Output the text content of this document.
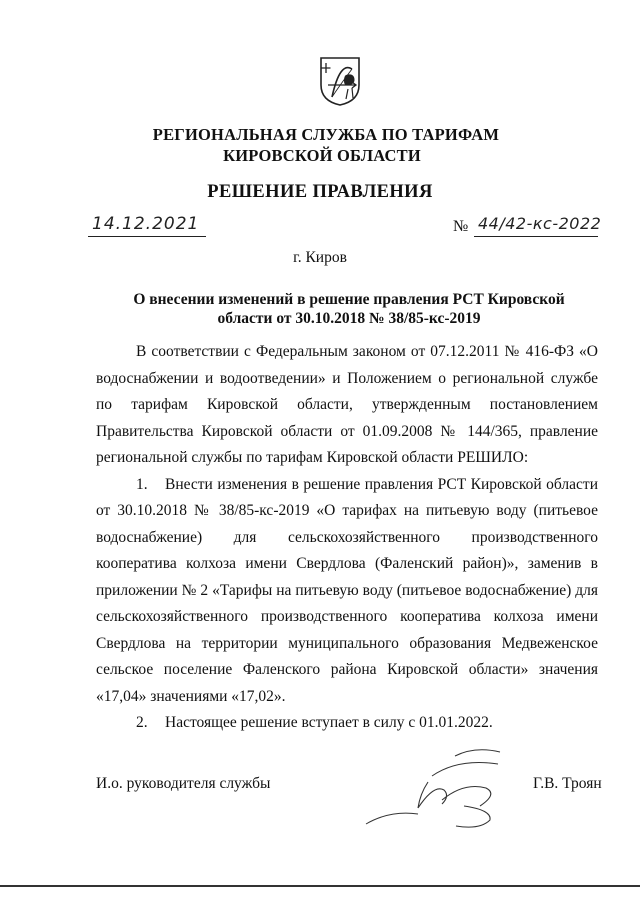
РЕГИОНАЛЬНАЯ СЛУЖБА ПО ТАРИФАМ
КИРОВСКОЙ ОБЛАСТИ
РЕШЕНИЕ ПРАВЛЕНИЯ
14.12.2021	№ 44/42-кс-2022
г. Киров
О внесении изменений в решение правления РСТ Кировской области от 30.10.2018 № 38/85-кс-2019

В соответствии с Федеральным законом от 07.12.2011 № 416-ФЗ «О водоснабжении и водоотведении» и Положением о региональной службе по тарифам Кировской области, утвержденным постановлением Правительства Кировской области от 01.09.2008 № 144/365, правление региональной службы по тарифам Кировской области РЕШИЛО:

1. Внести изменения в решение правления РСТ Кировской области от 30.10.2018 № 38/85-кс-2019 «О тарифах на питьевую воду (питьевое водоснабжение) для сельскохозяйственного производственного кооператива колхоза имени Свердлова (Фаленский район)», заменив в приложении № 2 «Тарифы на питьевую воду (питьевое водоснабжение) для сельскохозяйственного производственного кооператива колхоза имени Свердлова на территории муниципального образования Медвеженское сельское поселение Фаленского района Кировской области» значения «17,04» значениями «17,02».

2. Настоящее решение вступает в силу с 01.01.2022.

И.о. руководителя службы	Г.В. Троян
